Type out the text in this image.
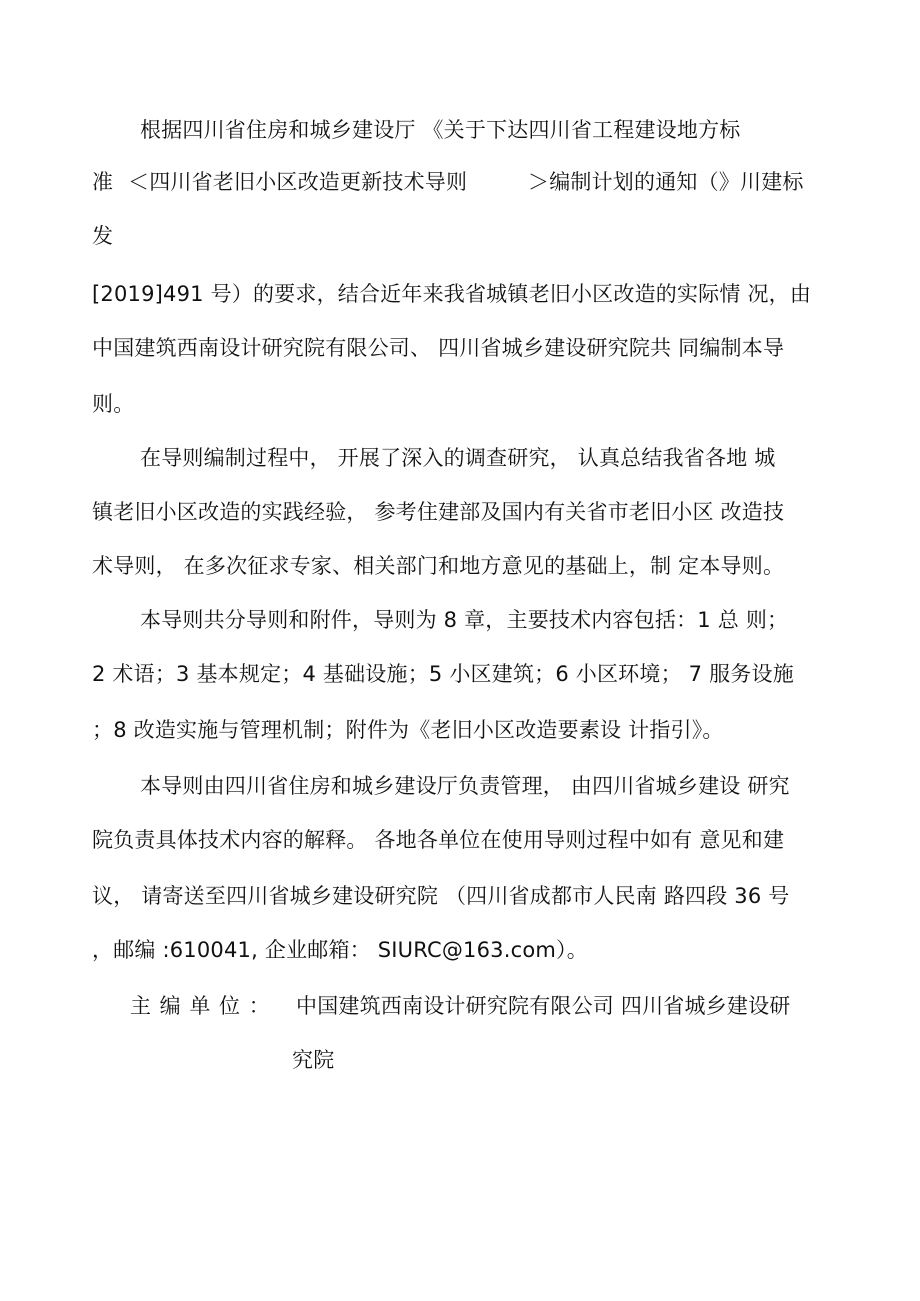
根据四川省住房和城乡建设厅 《关于下达四川省工程建设地方标
准 ＜四川省老旧小区改造更新技术导则	＞编制计划的通知（》川建标
发
[2019]491 号）的要求，结合近年来我省城镇老旧小区改造的实际情 况，由
中国建筑西南设计研究院有限公司、 四川省城乡建设研究院共 同编制本导
则。
在导则编制过程中， 开展了深入的调查研究， 认真总结我省各地 城
镇老旧小区改造的实践经验， 参考住建部及国内有关省市老旧小区 改造技
术导则， 在多次征求专家、相关部门和地方意见的基础上，制 定本导则。
本导则共分导则和附件，导则为 8 章，主要技术内容包括：1 总 则；
2 术语；3 基本规定；4 基础设施；5 小区建筑；6 小区环境； 7 服务设施
；8 改造实施与管理机制；附件为《老旧小区改造要素设 计指引》。
本导则由四川省住房和城乡建设厅负责管理， 由四川省城乡建设 研究
院负责具体技术内容的解释。 各地各单位在使用导则过程中如有 意见和建
议， 请寄送至四川省城乡建设研究院 （四川省成都市人民南 路四段 36 号
，邮编 :610041, 企业邮箱： SIURC@163.com）。
主 编 单 位 ： 中国建筑西南设计研究院有限公司 四川省城乡建设研
究院
